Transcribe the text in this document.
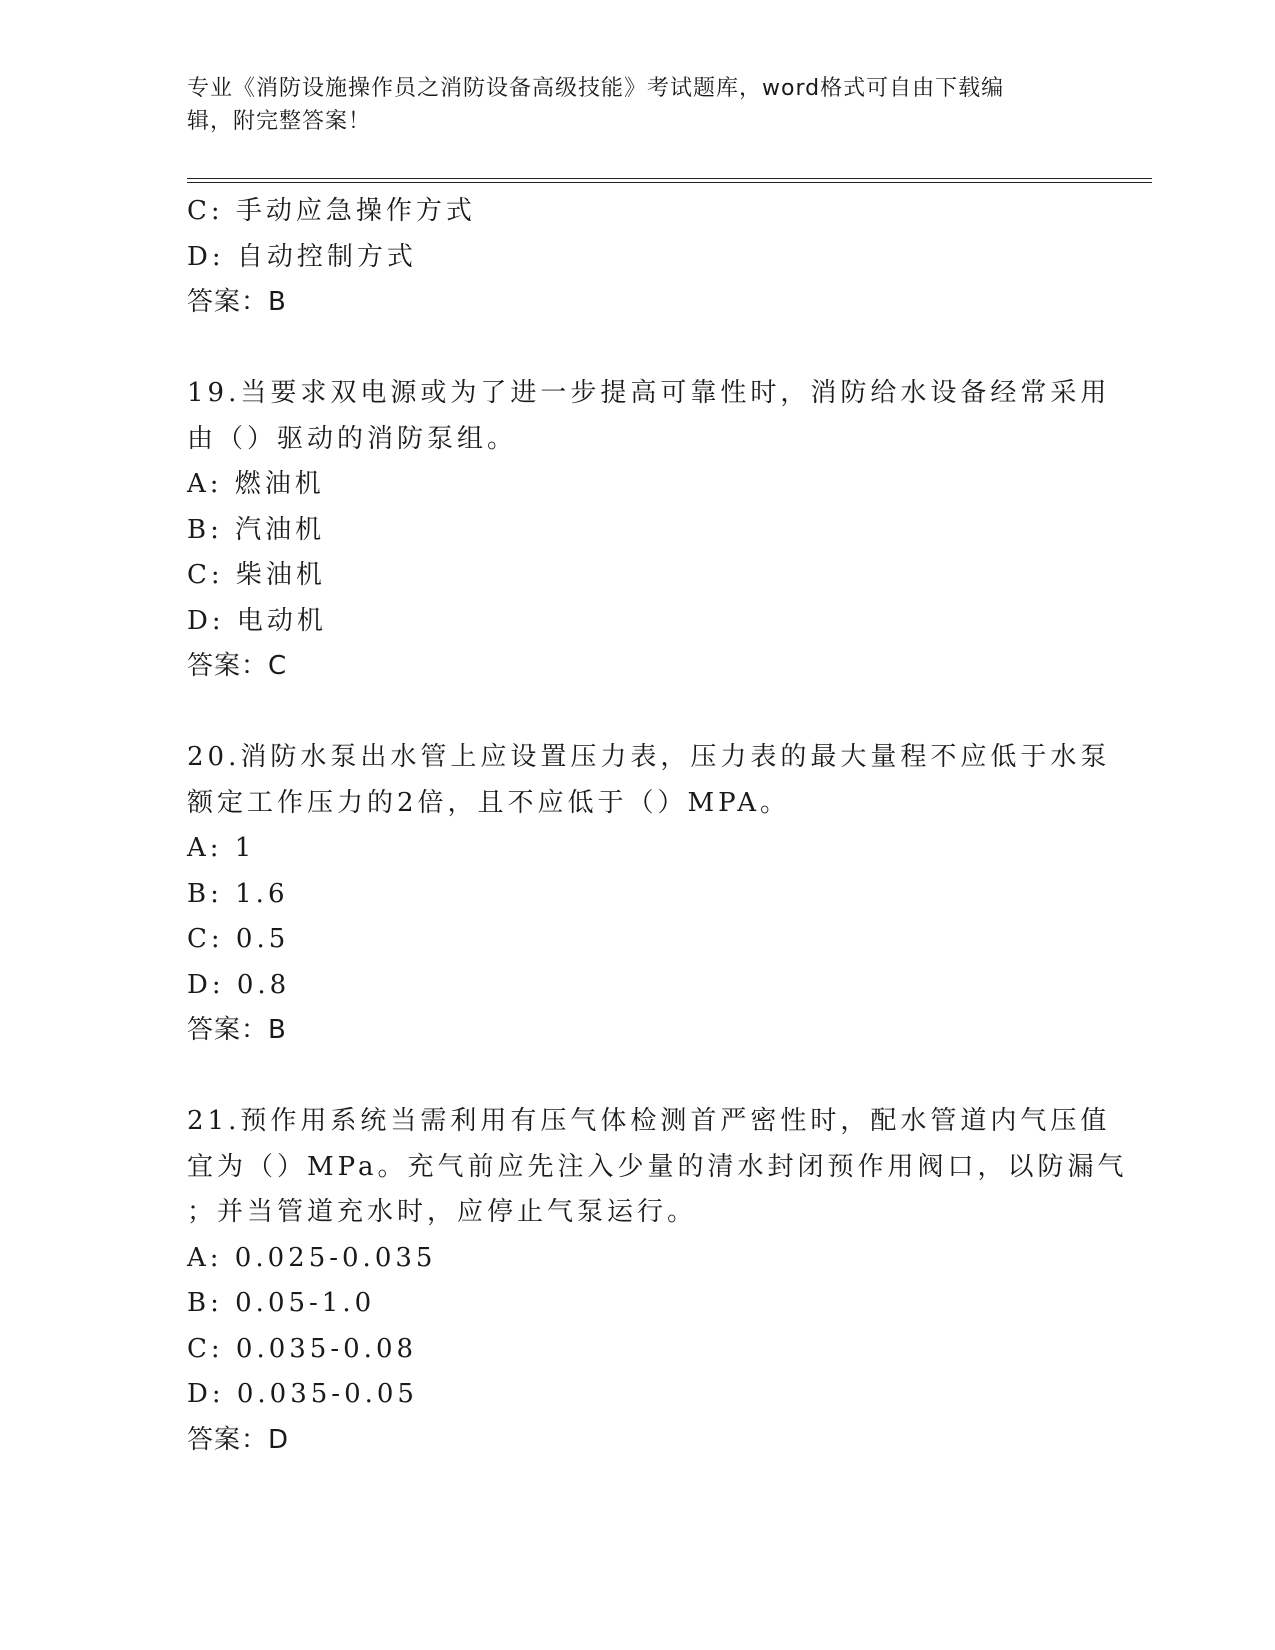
专业《消防设施操作员之消防设备高级技能》考试题库，word格式可自由下载编
辑，附完整答案！
C: 手动应急操作方式
D: 自动控制方式
答案：B
19.当要求双电源或为了进一步提高可靠性时，消防给水设备经常采用
由（）驱动的消防泵组。
A: 燃油机
B: 汽油机
C: 柴油机
D: 电动机
答案：C
20.消防水泵出水管上应设置压力表，压力表的最大量程不应低于水泵
额定工作压力的2倍，且不应低于（）MPA。
A: 1
B: 1.6
C: 0.5
D: 0.8
答案：B
21.预作用系统当需利用有压气体检测首严密性时，配水管道内气压值
宜为（）MPa。充气前应先注入少量的清水封闭预作用阀口，以防漏气
；并当管道充水时，应停止气泵运行。
A: 0.025-0.035
B: 0.05-1.0
C: 0.035-0.08
D: 0.035-0.05
答案：D
